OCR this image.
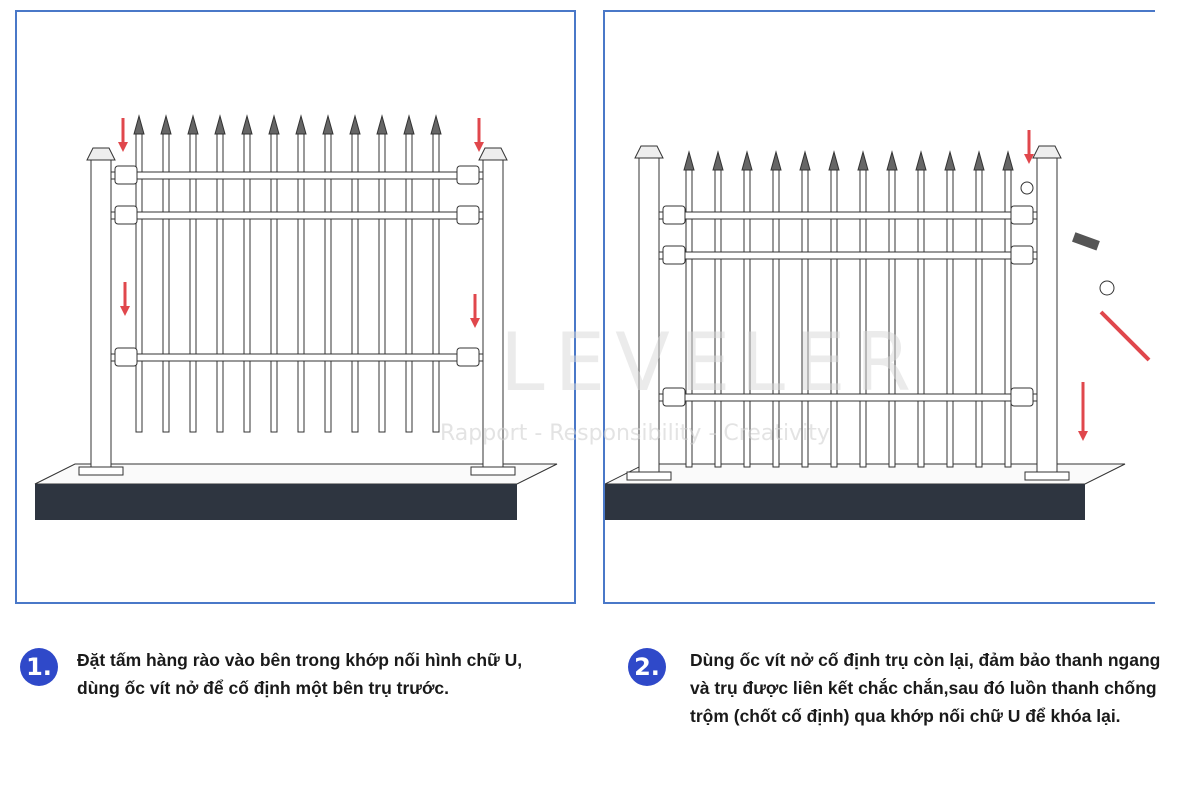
LEVELER
Rapport - Responsibility - Creativity
1.	Đặt tấm hàng rào vào bên trong khớp nối hình chữ U, dùng ốc vít nở để cố định một bên trụ trước.
2.	Dùng ốc vít nở cố định trụ còn lại, đảm bảo thanh ngang và trụ được liên kết chắc chắn,sau đó luồn thanh chống trộm (chốt cố định) qua khớp nối chữ U để khóa lại.
